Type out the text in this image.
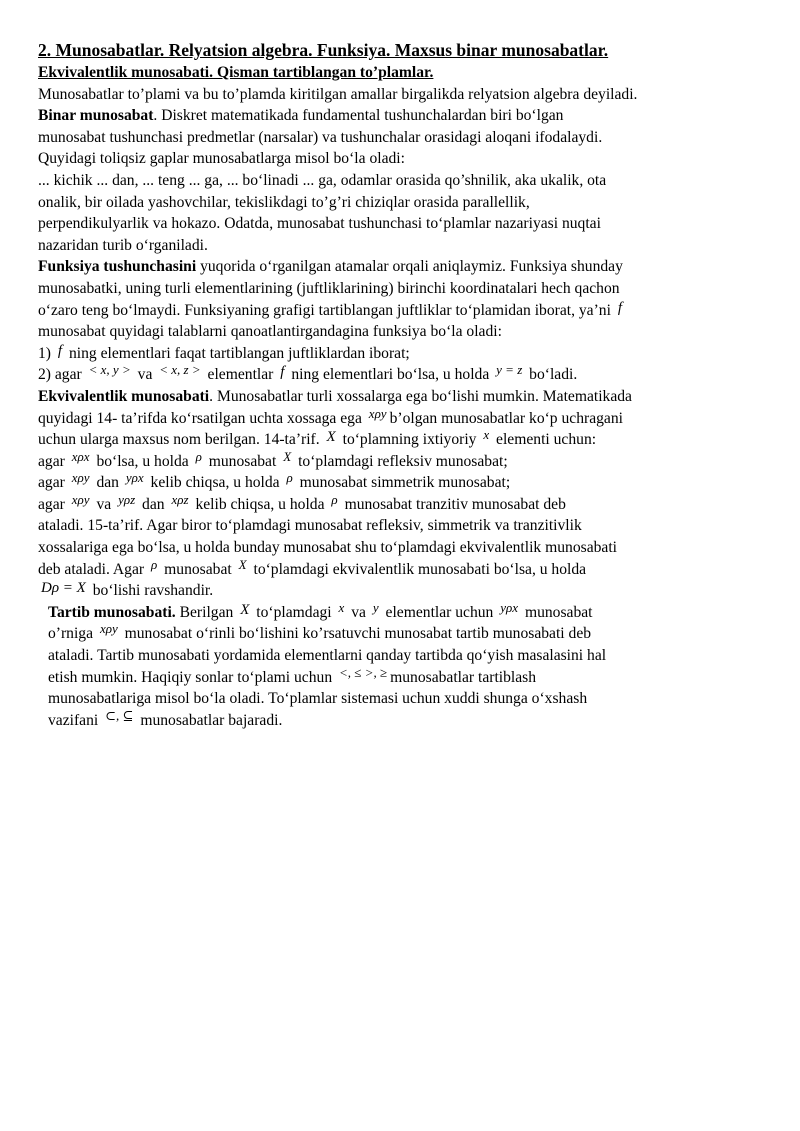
2. Munosabatlar. Relyatsion algebra. Funksiya. Maxsus binar munosabatlar.
Ekvivalentlik munosabati. Qisman tartiblangan to’plamlar.
Munosabatlar to’plami va bu to’plamda kiritilgan amallar birgalikda relyatsion algebra deyiladi.
Binar munosabat. Diskret matematikada fundamental tushunchalardan biri bo‘lgan
munosabat tushunchasi predmetlar (narsalar) va tushunchalar orasidagi aloqani ifodalaydi.
Quyidagi toliqsiz gaplar munosabatlarga misol bo‘la oladi:
... kichik ... dan, ... teng ... ga, ... bo‘linadi ... ga, odamlar orasida qo’shnilik, aka ukalik, ota
onalik, bir oilada yashovchilar, tekislikdagi to’g’ri chiziqlar orasida parallellik,
perpendikulyarlik va hokazo. Odatda, munosabat tushunchasi to‘plamlar nazariyasi nuqtai
nazaridan turib o‘rganiladi.
Funksiya tushunchasini yuqorida o‘rganilgan atamalar orqali aniqlaymiz. Funksiya shunday
munosabatki, uning turli elementlarining (juftliklarining) birinchi koordinatalari hech qachon
o‘zaro teng bo‘lmaydi. Funksiyaning grafigi tartiblangan juftliklar to‘plamidan iborat, ya’ni f
munosabat quyidagi talablarni qanoatlantirgandagina funksiya bo‘la oladi:
1) f ning elementlari faqat tartiblangan juftliklardan iborat;
2) agar $^{< x, y >}$ va $^{< x, z >}$ elementlar f ning elementlari bo‘lsa, u holda $^{y = z}$ bo‘ladi.
Ekvivalentlik munosabati. Munosabatlar turli xossalarga ega bo‘lishi mumkin. Matematikada
quyidagi 14- ta’rifda ko‘rsatilgan uchta xossaga ega $^{x\rho y}$ b’olgan munosabatlar ko‘p uchragani
uchun ularga maxsus nom berilgan. 14-ta’rif. X to‘plamning ixtiyoriy $^x$ elementi uchun:
agar $^{x\rho x}$ bo‘lsa, u holda $^\rho$ munosabat $^X$ to‘plamdagi refleksiv munosabat;
agar $^{x\rho y}$ dan $^{y\rho x}$ kelib chiqsa, u holda $^\rho$ munosabat simmetrik munosabat;
agar $^{x\rho y}$ va $^{y\rho z}$ dan $^{x\rho z}$ kelib chiqsa, u holda $^\rho$ munosabat tranzitiv munosabat deb
ataladi. 15-ta’rif. Agar biror to‘plamdagi munosabat refleksiv, simmetrik va tranzitivlik
xossalariga ega bo‘lsa, u holda bunday munosabat shu to‘plamdagi ekvivalentlik munosabati
deb ataladi. Agar $^\rho$ munosabat $^X$ to‘plamdagi ekvivalentlik munosabati bo‘lsa, u holda
Dρ = X bo‘lishi ravshandir.
Tartib munosabati. Berilgan X to‘plamdagi $^x$ va $^y$ elementlar uchun $^{y\rho x}$ munosabat
o’rniga $^{x\rho y}$ munosabat o‘rinli bo‘lishini ko’rsatuvchi munosabat tartib munosabati deb
ataladi. Tartib munosabati yordamida elementlarni qanday tartibda qo‘yish masalasini hal
etish mumkin. Haqiqiy sonlar to‘plami uchun <, ≤ >, ≥ munosabatlar tartiblash
munosabatlariga misol bo‘la oladi. To‘plamlar sistemasi uchun xuddi shunga o‘xshash
vazifani ⊂, ⊆ munosabatlar bajaradi.
